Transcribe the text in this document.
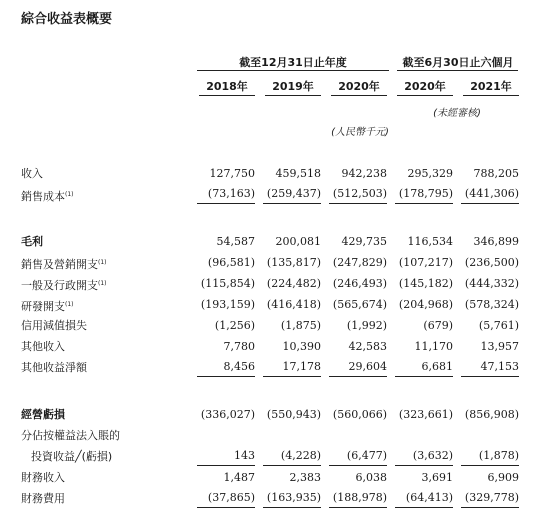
綜合收益表概要
截至12月31日止年度	截至6月30日止六個月
2018年	2019年	2020年	2020年	2021年
(未經審核)
(人民幣千元)
收入	127,750	459,518	942,238	295,329	788,205
銷售成本$^{(1)}$	(73,163)	(259,437)	(512,503)	(178,795)	(441,306)
毛利	54,587	200,081	429,735	116,534	346,899
銷售及營銷開支$^{(1)}$	(96,581)	(135,817)	(247,829)	(107,217)	(236,500)
一般及行政開支$^{(1)}$	(115,854)	(224,482)	(246,493)	(145,182)	(444,332)
研發開支$^{(1)}$	(193,159)	(416,418)	(565,674)	(204,968)	(578,324)
信用減值損失	(1,256)	(1,875)	(1,992)	(679)	(5,761)
其他收入	7,780	10,390	42,583	11,170	13,957
其他收益淨額	8,456	17,178	29,604	6,681	47,153
經營虧損	(336,027)	(550,943)	(560,066)	(323,661)	(856,908)
分佔按權益法入賬的
投資收益╱(虧損)	143	(4,228)	(6,477)	(3,632)	(1,878)
財務收入	1,487	2,383	6,038	3,691	6,909
財務費用	(37,865)	(163,935)	(188,978)	(64,413)	(329,778)
